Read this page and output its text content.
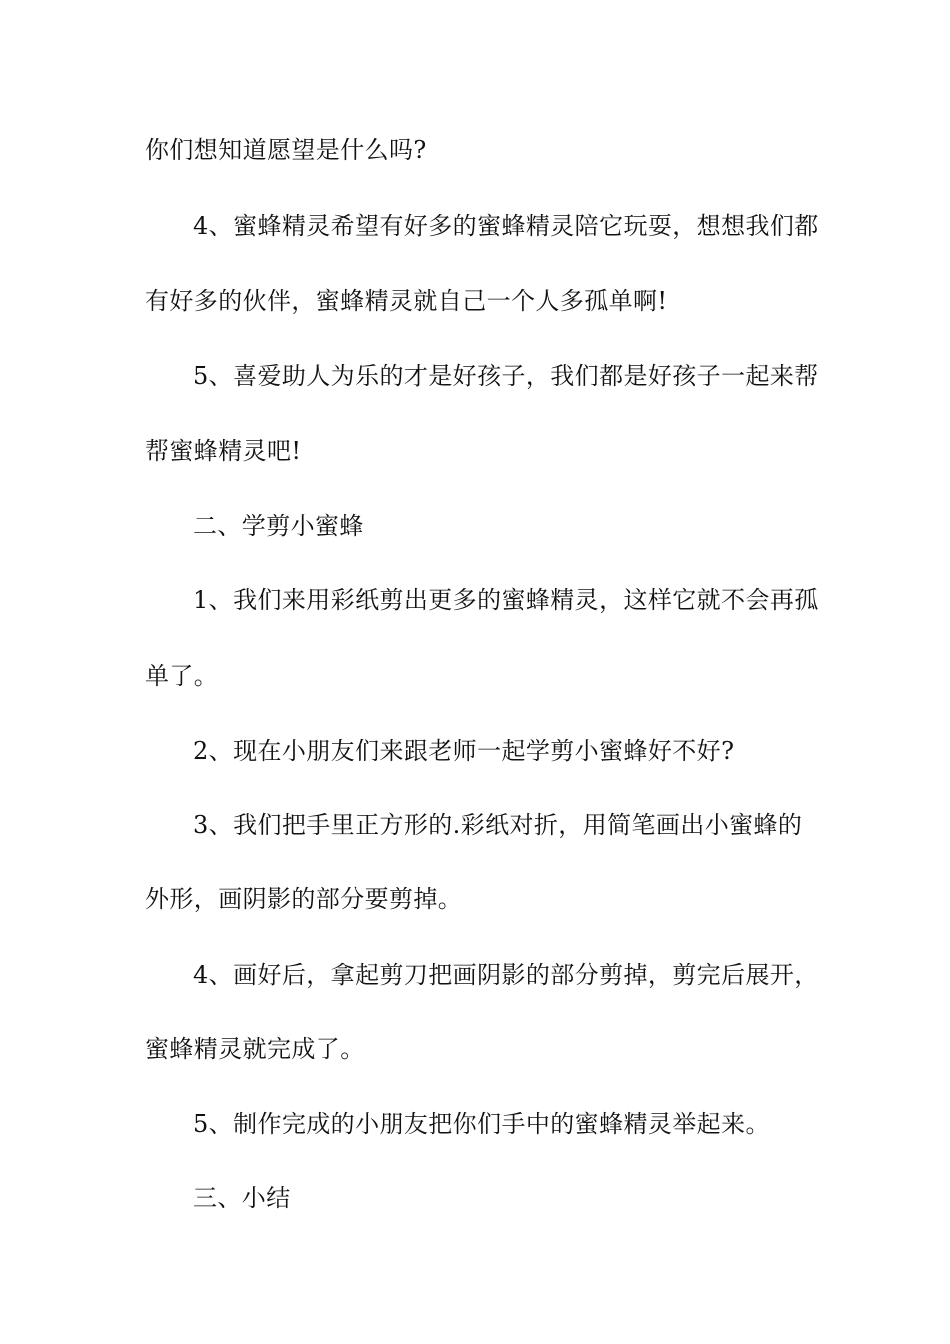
你们想知道愿望是什么吗?
4、蜜蜂精灵希望有好多的蜜蜂精灵陪它玩耍，想想我们都
有好多的伙伴，蜜蜂精灵就自己一个人多孤单啊!
5、喜爱助人为乐的才是好孩子，我们都是好孩子一起来帮
帮蜜蜂精灵吧!
二、学剪小蜜蜂
1、我们来用彩纸剪出更多的蜜蜂精灵，这样它就不会再孤
单了。
2、现在小朋友们来跟老师一起学剪小蜜蜂好不好?
3、我们把手里正方形的.彩纸对折，用简笔画出小蜜蜂的
外形，画阴影的部分要剪掉。
4、画好后，拿起剪刀把画阴影的部分剪掉，剪完后展开，
蜜蜂精灵就完成了。
5、制作完成的小朋友把你们手中的蜜蜂精灵举起来。
三、小结
